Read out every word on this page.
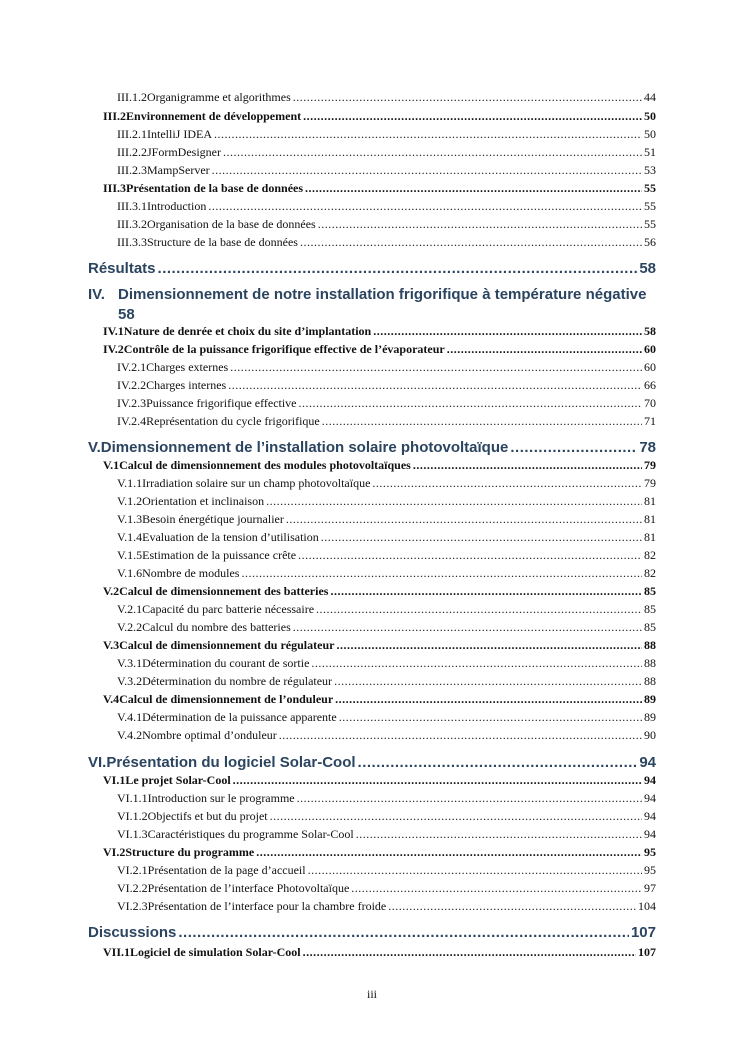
III.1.2 Organigramme et algorithmes .....	44
III.2 Environnement de développement .....	50
III.2.1 IntelliJ IDEA .....	50
III.2.2 JFormDesigner .....	51
III.2.3 MampServer .....	53
III.3 Présentation de la base de données .....	55
III.3.1 Introduction .....	55
III.3.2 Organisation de la base de données .....	55
III.3.3 Structure de la base de données .....	56
Résultats .....	58
IV. Dimensionnement de notre installation frigorifique à température négative
58
IV.1 Nature de denrée et choix du site d’implantation .....	58
IV.2 Contrôle de la puissance frigorifique effective de l’évaporateur .....	60
IV.2.1 Charges externes .....	60
IV.2.2 Charges internes .....	66
IV.2.3 Puissance frigorifique effective .....	70
IV.2.4 Représentation du cycle frigorifique .....	71
V. Dimensionnement de l’installation solaire photovoltaïque .....	78
V.1 Calcul de dimensionnement des modules photovoltaïques .....	79
V.1.1 Irradiation solaire sur un champ photovoltaïque .....	79
V.1.2 Orientation et inclinaison .....	81
V.1.3 Besoin énergétique journalier .....	81
V.1.4 Evaluation de la tension d’utilisation .....	81
V.1.5 Estimation de la puissance crête .....	82
V.1.6 Nombre de modules .....	82
V.2 Calcul de dimensionnement des batteries .....	85
V.2.1 Capacité du parc batterie nécessaire .....	85
V.2.2 Calcul du nombre des batteries .....	85
V.3 Calcul de dimensionnement du régulateur .....	88
V.3.1 Détermination du courant de sortie .....	88
V.3.2 Détermination du nombre de régulateur .....	88
V.4 Calcul de dimensionnement de l’onduleur .....	89
V.4.1 Détermination de la puissance apparente .....	89
V.4.2 Nombre optimal d’onduleur .....	90
VI. Présentation du logiciel Solar-Cool .....	94
VI.1 Le projet Solar-Cool .....	94
VI.1.1 Introduction sur le programme .....	94
VI.1.2 Objectifs et but du projet .....	94
VI.1.3 Caractéristiques du programme Solar-Cool .....	94
VI.2 Structure du programme .....	95
VI.2.1 Présentation de la page d’accueil .....	95
VI.2.2 Présentation de l’interface Photovoltaïque .....	97
VI.2.3 Présentation de l’interface pour la chambre froide .....	104
Discussions .....	107
VII.1 Logiciel de simulation Solar-Cool .....	107
iii
